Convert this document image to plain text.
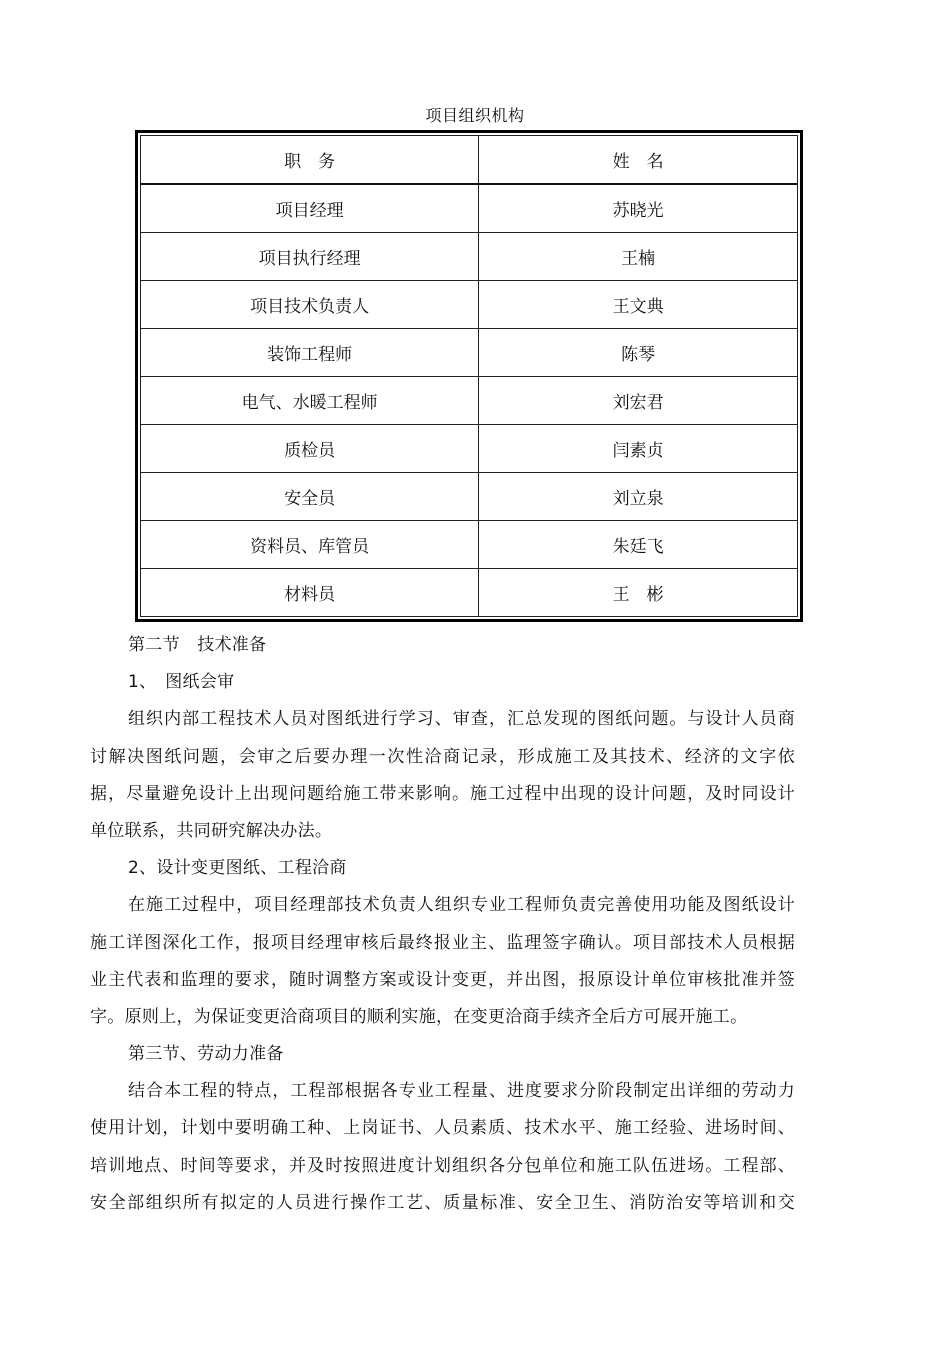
项目组织机构
职　务	姓　名
项目经理	苏晓光
项目执行经理	王楠
项目技术负责人	王文典
装饰工程师	陈琴
电气、水暖工程师	刘宏君
质检员	闫素贞
安全员	刘立泉
资料员、库管员	朱廷飞
材料员	王　彬
第二节　技术准备
1、　图纸会审
组织内部工程技术人员对图纸进行学习、审查，汇总发现的图纸问题。与设计人员商
讨解决图纸问题，会审之后要办理一次性洽商记录，形成施工及其技术、经济的文字依
据，尽量避免设计上出现问题给施工带来影响。施工过程中出现的设计问题，及时同设计
单位联系，共同研究解决办法。
2、设计变更图纸、工程洽商
在施工过程中，项目经理部技术负责人组织专业工程师负责完善使用功能及图纸设计
施工详图深化工作，报项目经理审核后最终报业主、监理签字确认。项目部技术人员根据
业主代表和监理的要求，随时调整方案或设计变更，并出图，报原设计单位审核批准并签
字。原则上，为保证变更洽商项目的顺利实施，在变更洽商手续齐全后方可展开施工。
第三节、劳动力准备
结合本工程的特点，工程部根据各专业工程量、进度要求分阶段制定出详细的劳动力
使用计划，计划中要明确工种、上岗证书、人员素质、技术水平、施工经验、进场时间、
培训地点、时间等要求，并及时按照进度计划组织各分包单位和施工队伍进场。工程部、
安全部组织所有拟定的人员进行操作工艺、质量标准、安全卫生、消防治安等培训和交
